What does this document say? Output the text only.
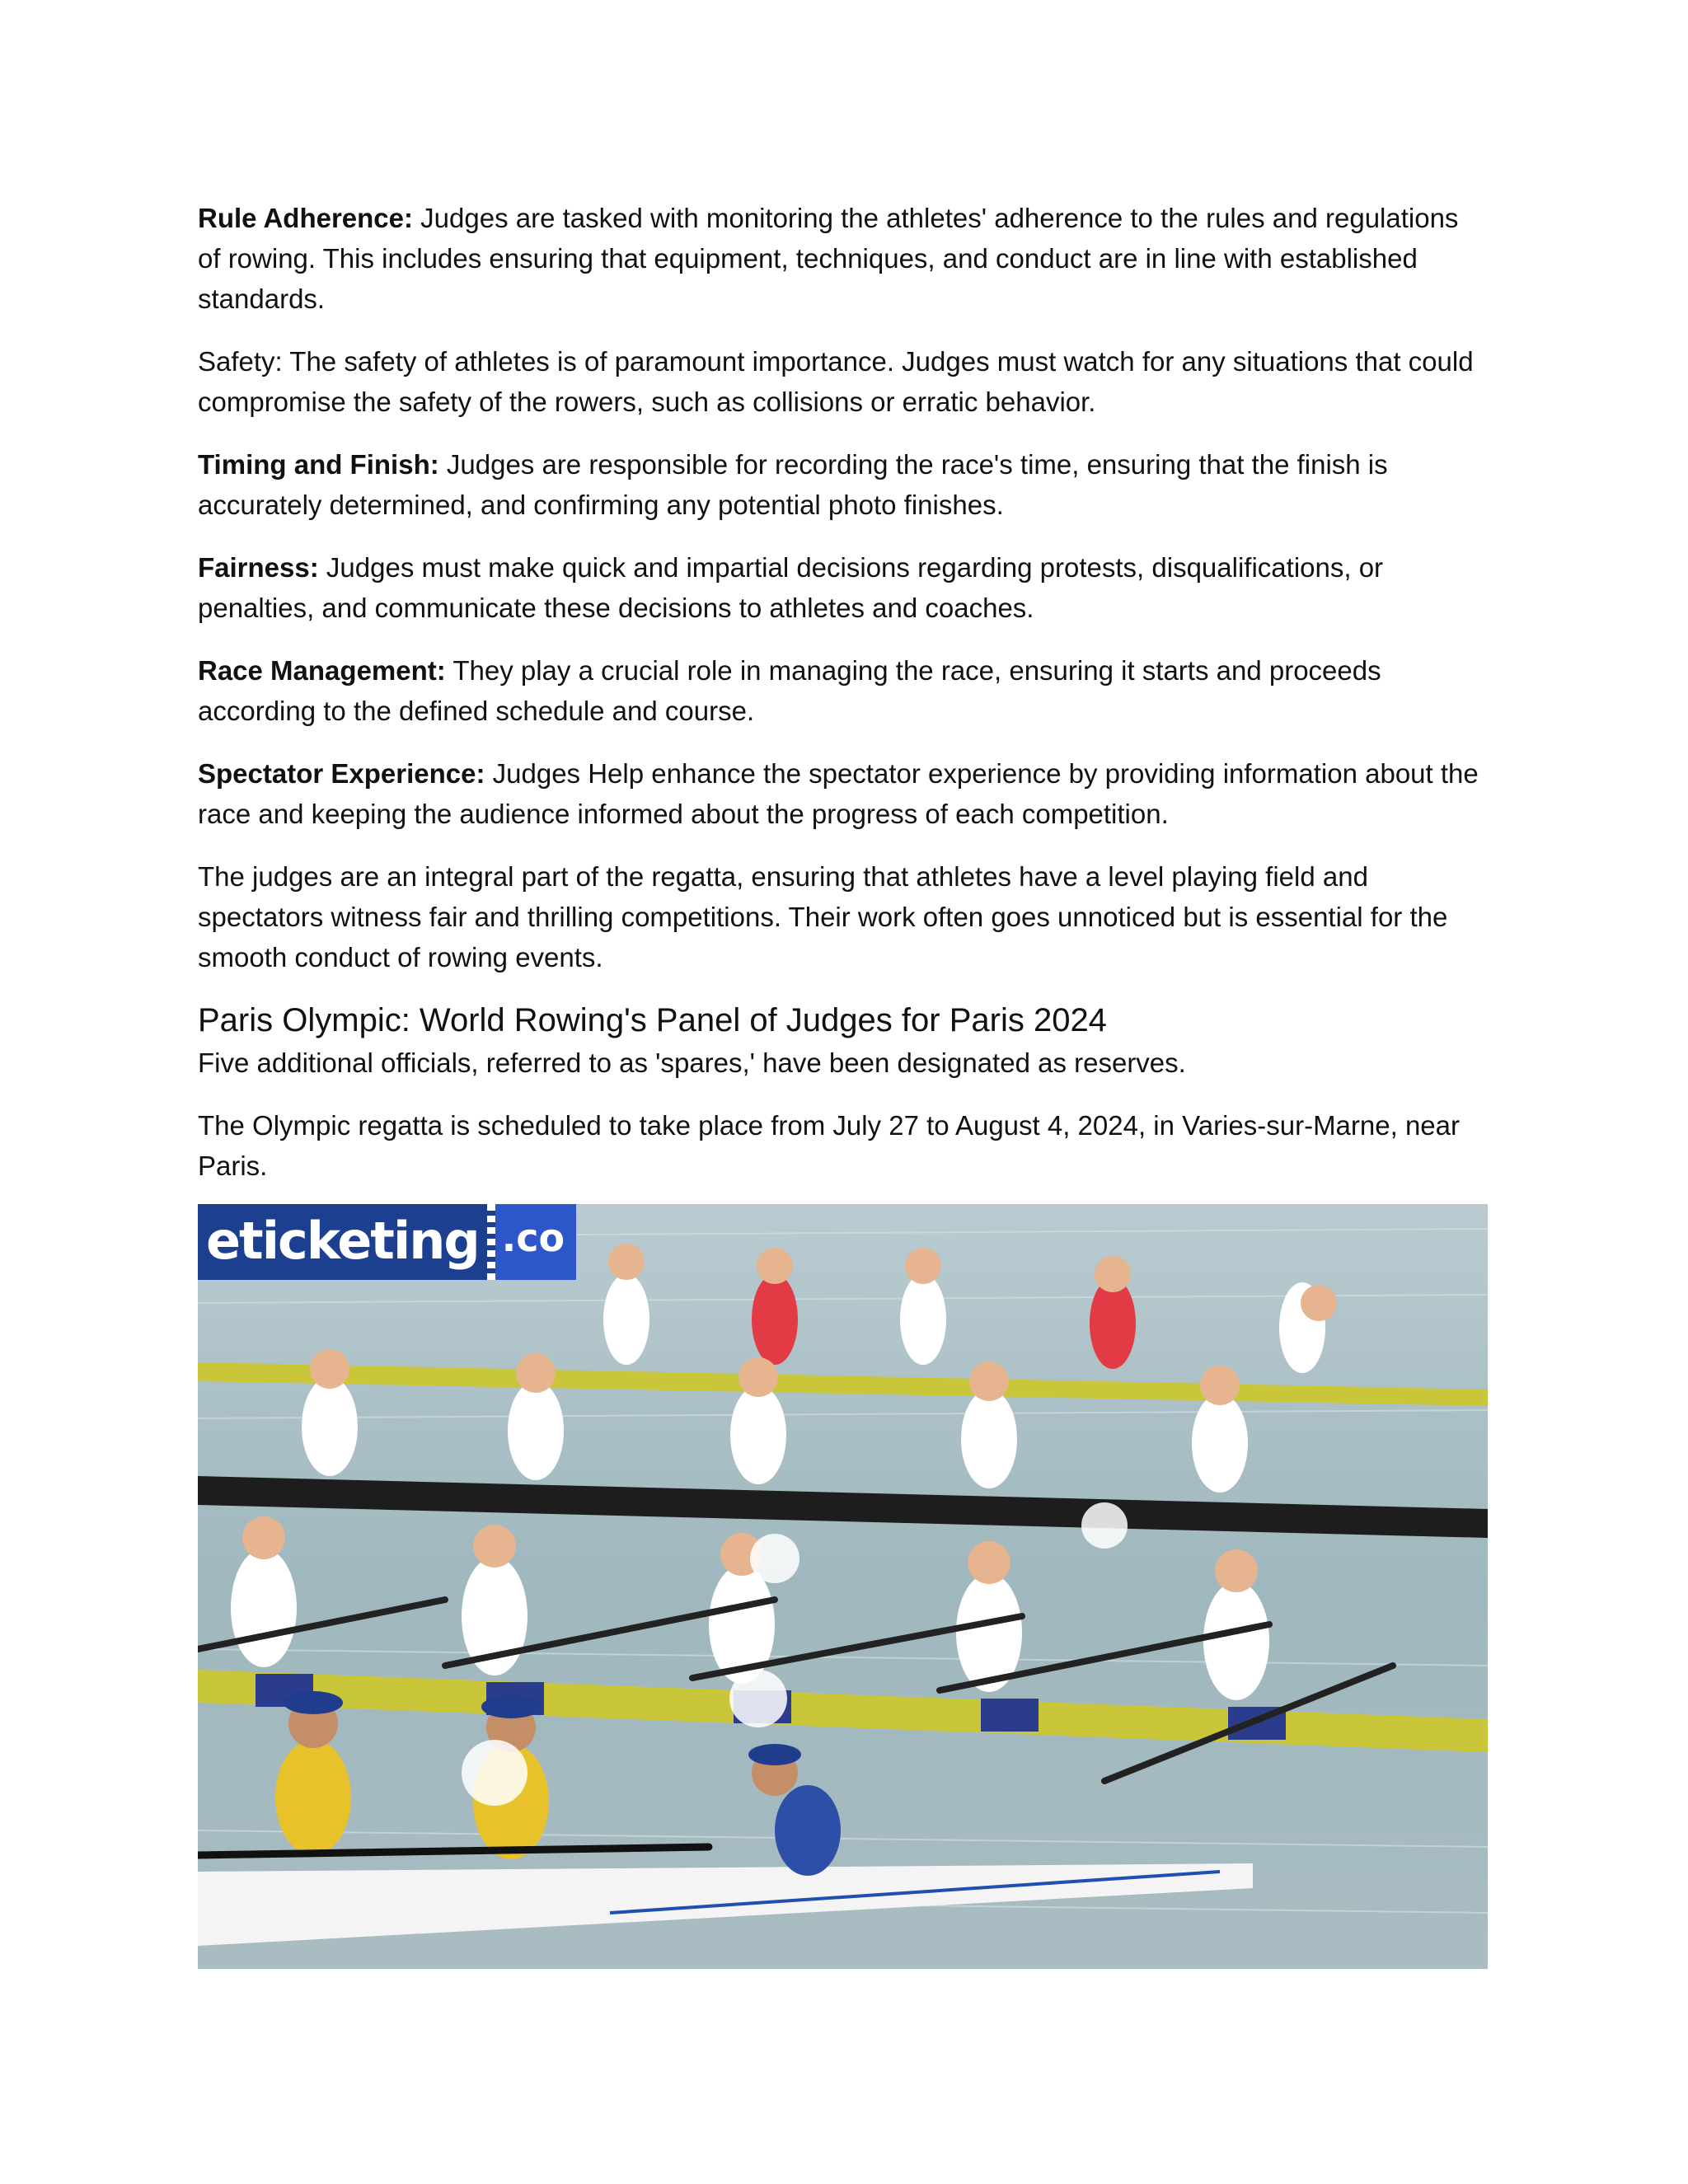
Rule Adherence: Judges are tasked with monitoring the athletes' adherence to the rules and regulations of rowing. This includes ensuring that equipment, techniques, and conduct are in line with established standards.

Safety: The safety of athletes is of paramount importance. Judges must watch for any situations that could compromise the safety of the rowers, such as collisions or erratic behavior.

Timing and Finish: Judges are responsible for recording the race's time, ensuring that the finish is accurately determined, and confirming any potential photo finishes.

Fairness: Judges must make quick and impartial decisions regarding protests, disqualifications, or penalties, and communicate these decisions to athletes and coaches.

Race Management: They play a crucial role in managing the race, ensuring it starts and proceeds according to the defined schedule and course.

Spectator Experience: Judges Help enhance the spectator experience by providing information about the race and keeping the audience informed about the progress of each competition.

The judges are an integral part of the regatta, ensuring that athletes have a level playing field and spectators witness fair and thrilling competitions. Their work often goes unnoticed but is essential for the smooth conduct of rowing events.

Paris Olympic: World Rowing's Panel of Judges for Paris 2024

Five additional officials, referred to as 'spares,' have been designated as reserves.

The Olympic regatta is scheduled to take place from July 27 to August 4, 2024, in Varies-sur-Marne, near Paris.

eticketing .co
